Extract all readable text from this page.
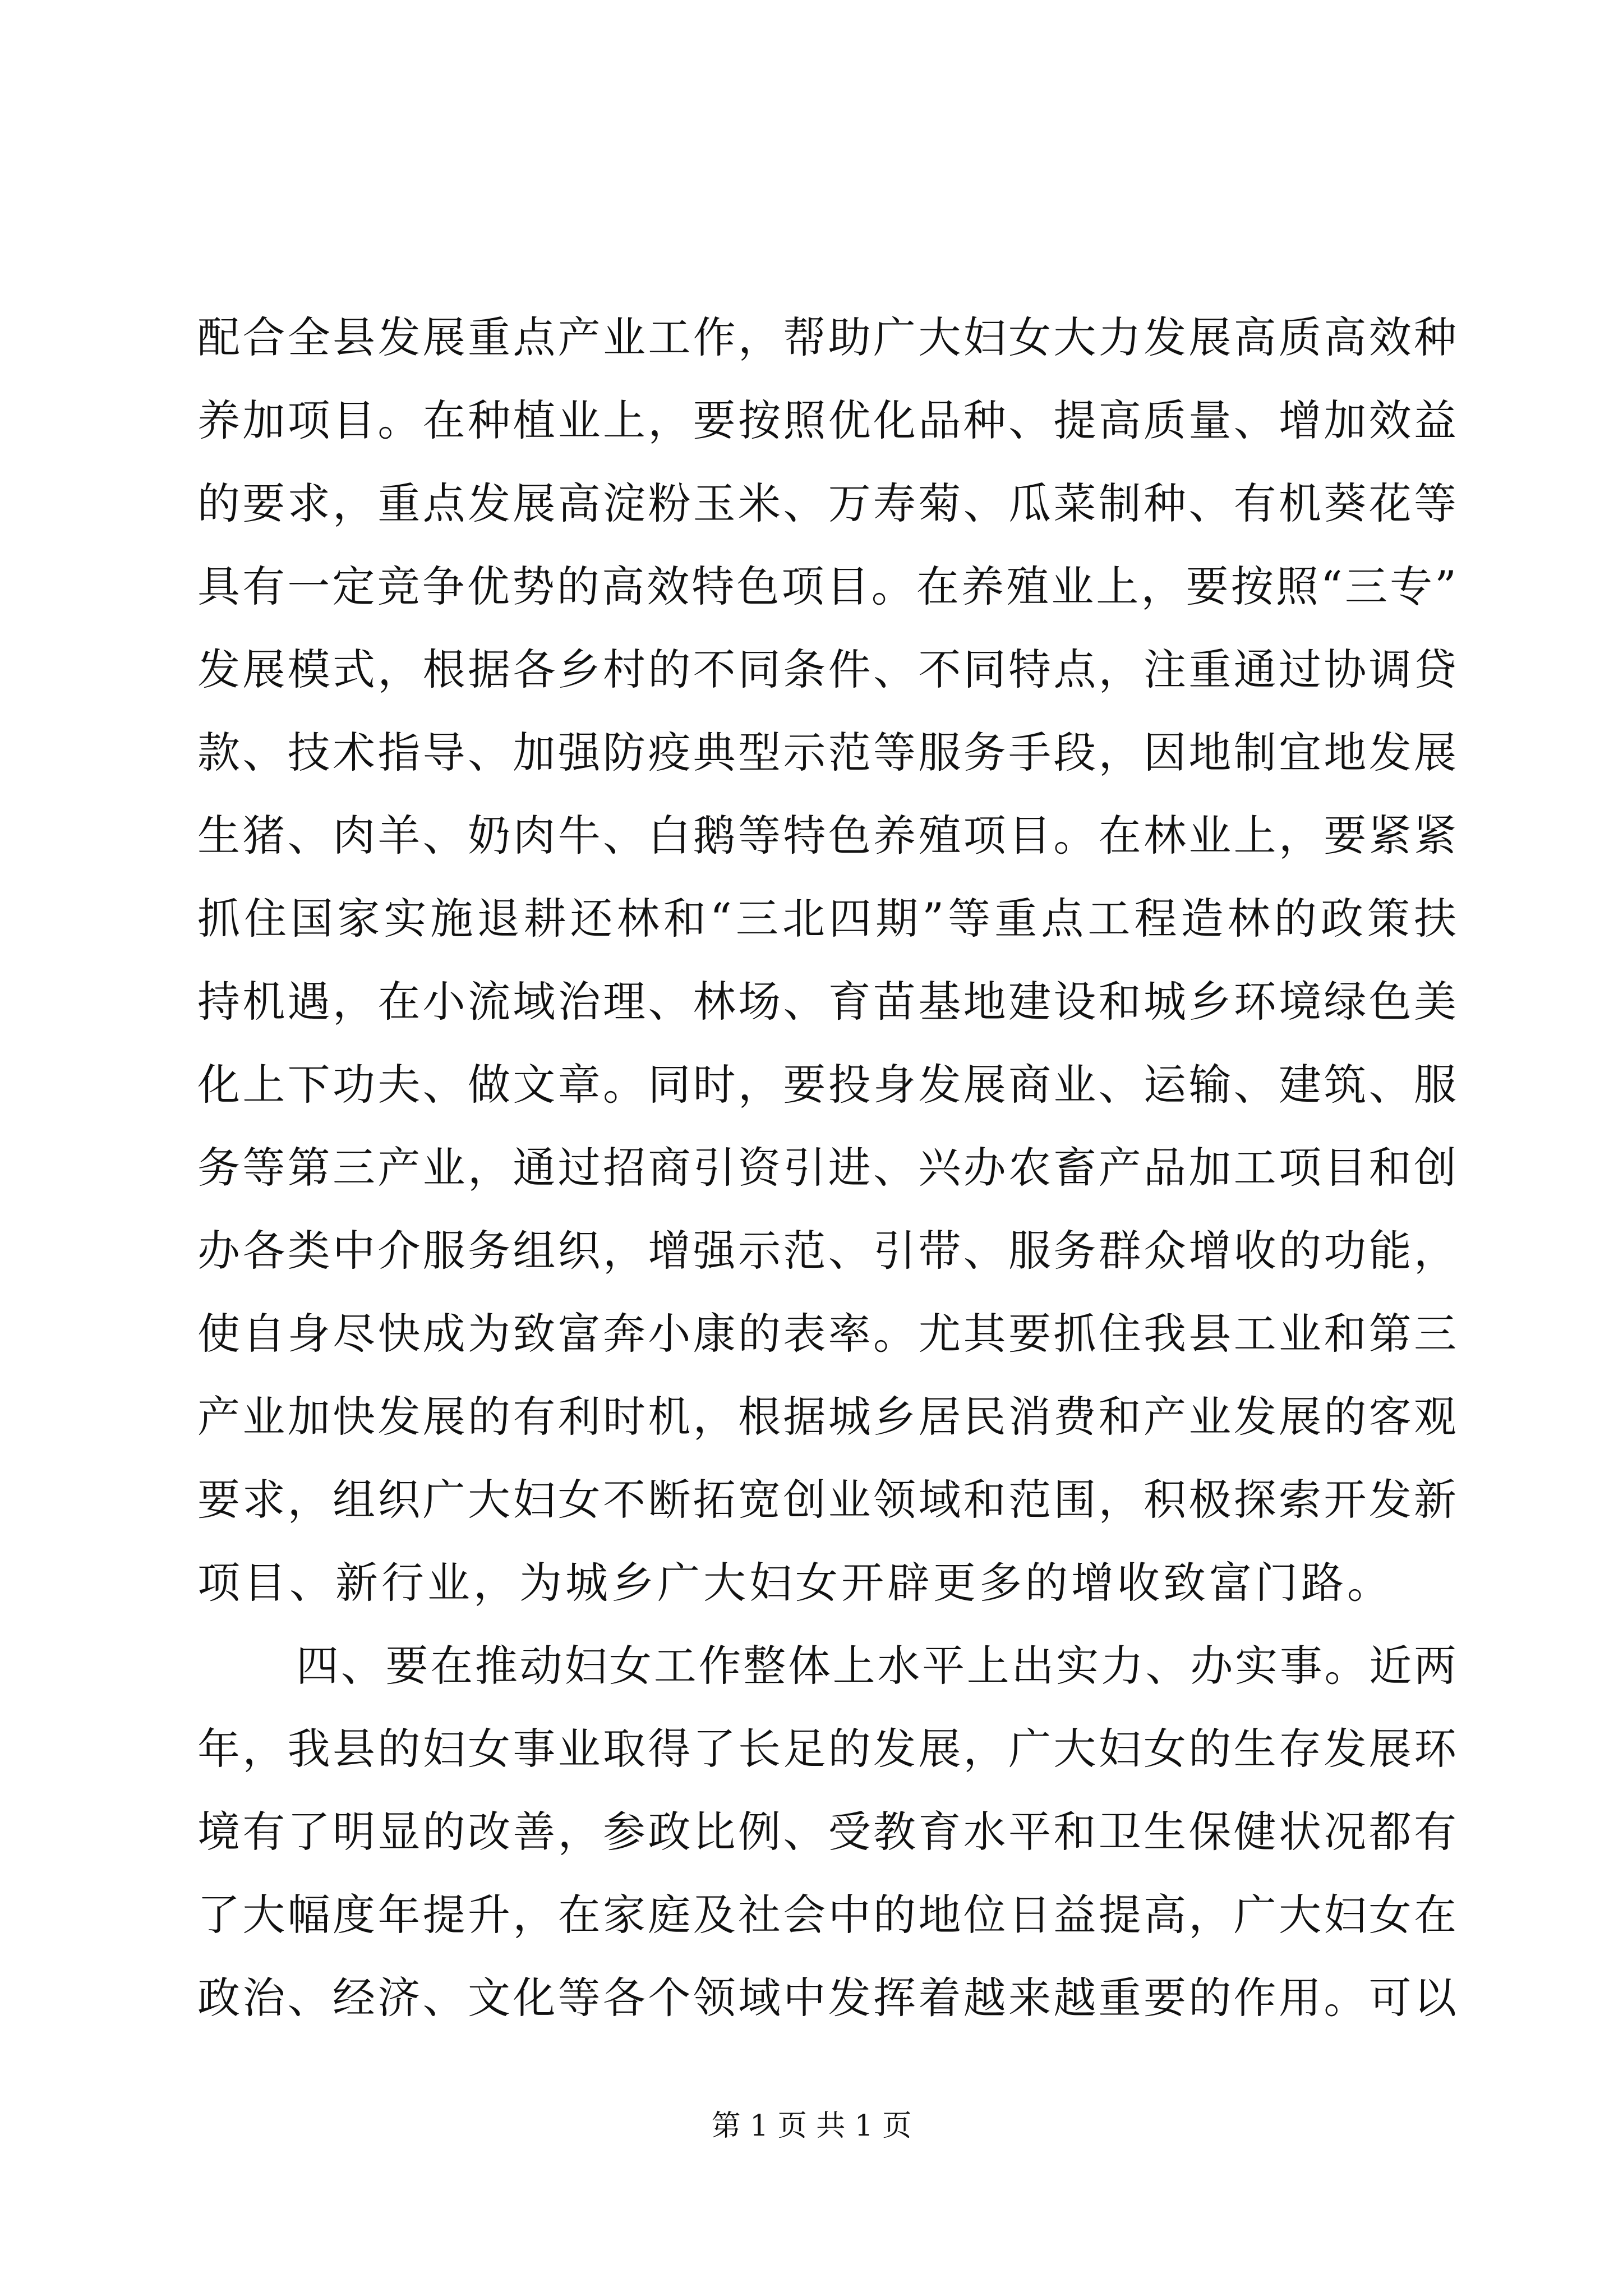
配合全县发展重点产业工作，帮助广大妇女大力发展高质高效种
养加项目。在种植业上，要按照优化品种、提高质量、增加效益
的要求，重点发展高淀粉玉米、万寿菊、瓜菜制种、有机葵花等
具有一定竞争优势的高效特色项目。在养殖业上，要按照“三专”
发展模式，根据各乡村的不同条件、不同特点，注重通过协调贷
款、技术指导、加强防疫典型示范等服务手段，因地制宜地发展
生猪、肉羊、奶肉牛、白鹅等特色养殖项目。在林业上，要紧紧
抓住国家实施退耕还林和“三北四期”等重点工程造林的政策扶
持机遇，在小流域治理、林场、育苗基地建设和城乡环境绿色美
化上下功夫、做文章。同时，要投身发展商业、运输、建筑、服
务等第三产业，通过招商引资引进、兴办农畜产品加工项目和创
办各类中介服务组织，增强示范、引带、服务群众增收的功能，
使自身尽快成为致富奔小康的表率。尤其要抓住我县工业和第三
产业加快发展的有利时机，根据城乡居民消费和产业发展的客观
要求，组织广大妇女不断拓宽创业领域和范围，积极探索开发新
项目、新行业，为城乡广大妇女开辟更多的增收致富门路。
四、要在推动妇女工作整体上水平上出实力、办实事。近两
年，我县的妇女事业取得了长足的发展，广大妇女的生存发展环
境有了明显的改善，参政比例、受教育水平和卫生保健状况都有
了大幅度年提升，在家庭及社会中的地位日益提高，广大妇女在
政治、经济、文化等各个领域中发挥着越来越重要的作用。可以
第 1 页 共 1 页
